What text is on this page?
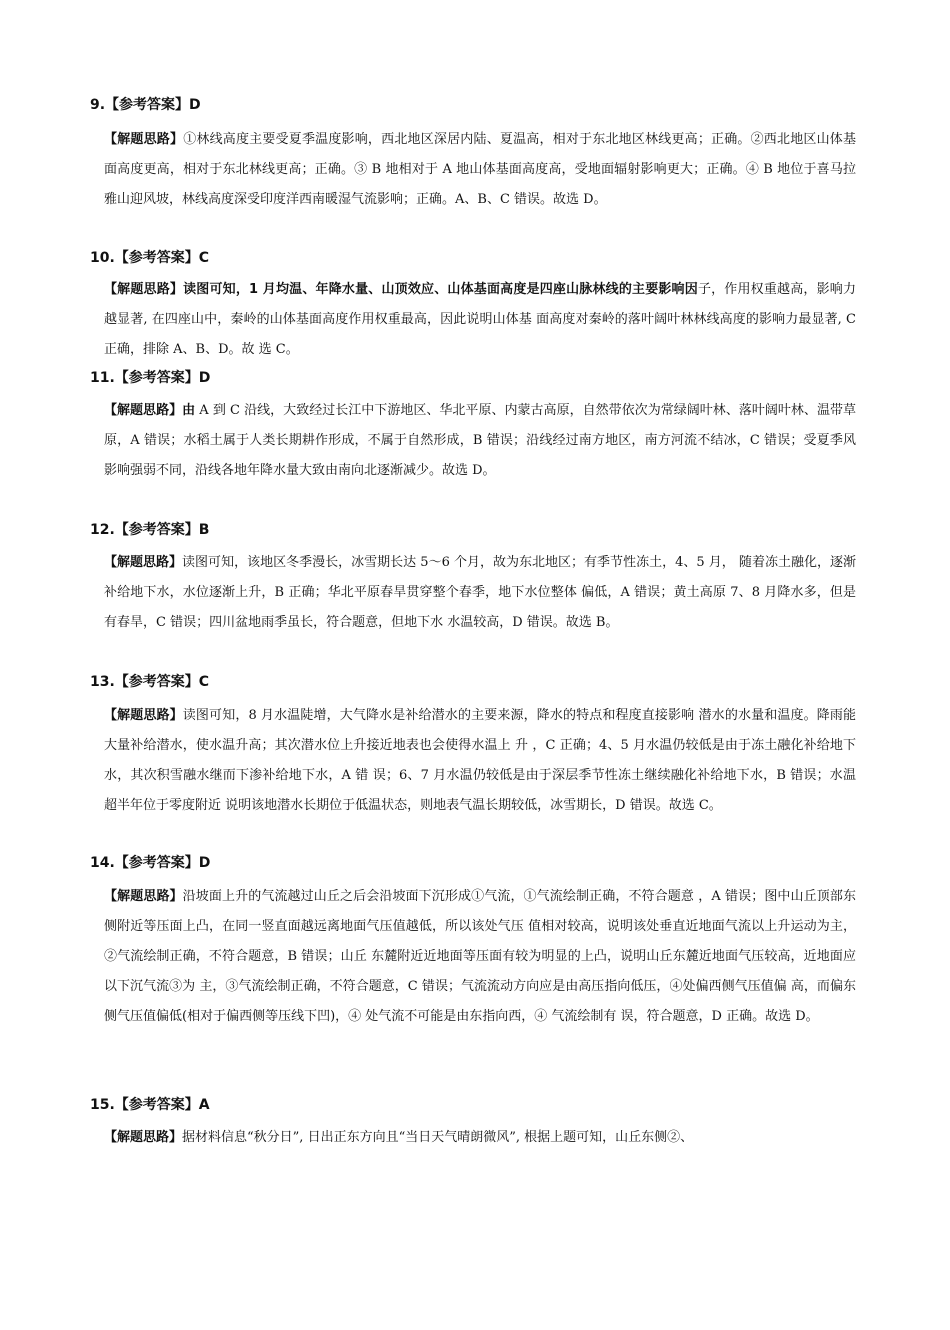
9.【参考答案】D
【解题思路】①林线高度主要受夏季温度影响，西北地区深居内陆、夏温高，相对于东北地区林线更高；正确。②西北地区山体基面高度更高，相对于东北林线更高；正确。③ B 地相对于 A 地山体基面高度高，受地面辐射影响更大；正确。④ B 地位于喜马拉雅山迎风坡，林线高度深受印度洋西南暖湿气流影响；正确。A、B、C 错误。故选 D。
10.【参考答案】C
【解题思路】读图可知，1 月均温、年降水量、山顶效应、山体基面高度是四座山脉林线的主要影响因子，作用权重越高，影响力越显著, 在四座山中，秦岭的山体基面高度作用权重最高，因此说明山体基 面高度对秦岭的落叶阔叶林林线高度的影响力最显著, C 正确，排除 A、B、D。故 选 C。
11.【参考答案】D
【解题思路】由 A 到 C 沿线，大致经过长江中下游地区、华北平原、内蒙古高原，自然带依次为常绿阔叶林、落叶阔叶林、温带草原，A 错误；水稻土属于人类长期耕作形成，不属于自然形成，B 错误；沿线经过南方地区，南方河流不结冰，C 错误；受夏季风影响强弱不同，沿线各地年降水量大致由南向北逐渐减少。故选 D。
12.【参考答案】B
【解题思路】读图可知，该地区冬季漫长，冰雪期长达 5～6 个月，故为东北地区；有季节性冻土，4、5 月， 随着冻土融化，逐渐补给地下水，水位逐渐上升，B 正确；华北平原春旱贯穿整个春季，地下水位整体 偏低，A 错误；黄土高原 7、8 月降水多，但是有春旱，C 错误；四川盆地雨季虽长，符合题意，但地下水 水温较高，D 错误。故选 B。
13.【参考答案】C
【解题思路】读图可知，8 月水温陡增，大气降水是补给潜水的主要来源，降水的特点和程度直接影响 潜水的水量和温度。降雨能大量补给潜水，使水温升高；其次潜水位上升接近地表也会使得水温上 升 ，C 正确；4、5 月水温仍较低是由于冻土融化补给地下水，其次积雪融水继而下渗补给地下水，A 错 误；6、7 月水温仍较低是由于深层季节性冻土继续融化补给地下水，B 错误；水温超半年位于零度附近 说明该地潜水长期位于低温状态，则地表气温长期较低，冰雪期长，D 错误。故选 C。
14.【参考答案】D
【解题思路】沿坡面上升的气流越过山丘之后会沿坡面下沉形成①气流，①气流绘制正确，不符合题意 ，A 错误；图中山丘顶部东侧附近等压面上凸，在同一竖直面越远离地面气压值越低，所以该处气压 值相对较高，说明该处垂直近地面气流以上升运动为主，②气流绘制正确，不符合题意，B 错误；山丘 东麓附近近地面等压面有较为明显的上凸，说明山丘东麓近地面气压较高，近地面应以下沉气流③为 主，③气流绘制正确，不符合题意，C 错误；气流流动方向应是由高压指向低压，④处偏西侧气压值偏 高，而偏东侧气压值偏低(相对于偏西侧等压线下凹)，④ 处气流不可能是由东指向西，④ 气流绘制有 误，符合题意，D 正确。故选 D。
15.【参考答案】A
【解题思路】据材料信息“秋分日”, 日出正东方向且“当日天气晴朗微风”, 根据上题可知，山丘东侧②、
